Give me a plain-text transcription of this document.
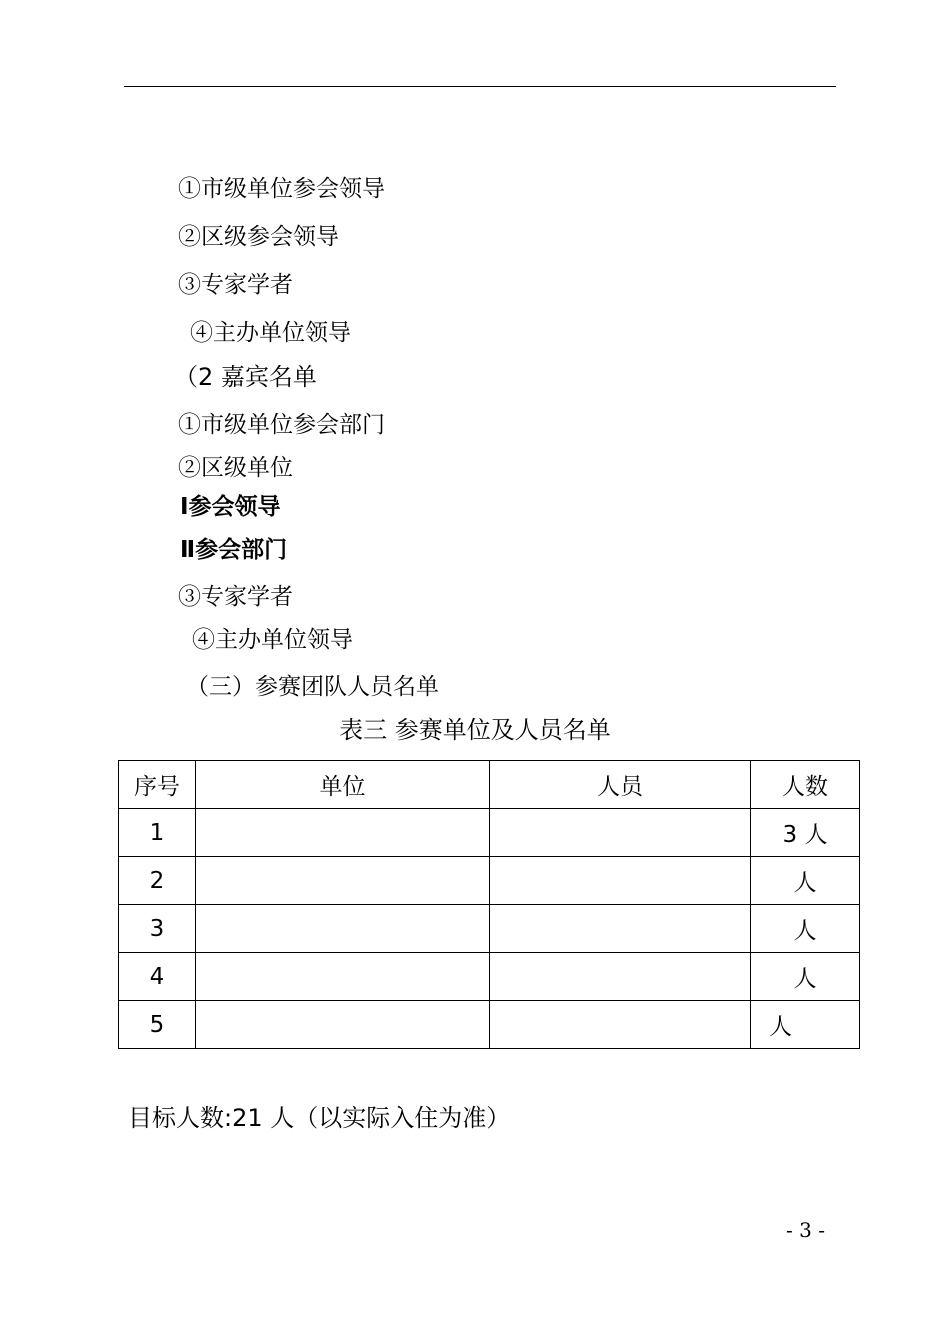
①市级单位参会领导
②区级参会领导
③专家学者
④主办单位领导
（2 嘉宾名单
①市级单位参会部门
②区级单位
Ⅰ参会领导
Ⅱ参会部门
③专家学者
④主办单位领导
（三）参赛团队人员名单
表三 参赛单位及人员名单
序号	单位	人员	人数
1			3 人
2			人
3			人
4			人
5			人
目标人数:21 人（以实际入住为准）
- 3 -
